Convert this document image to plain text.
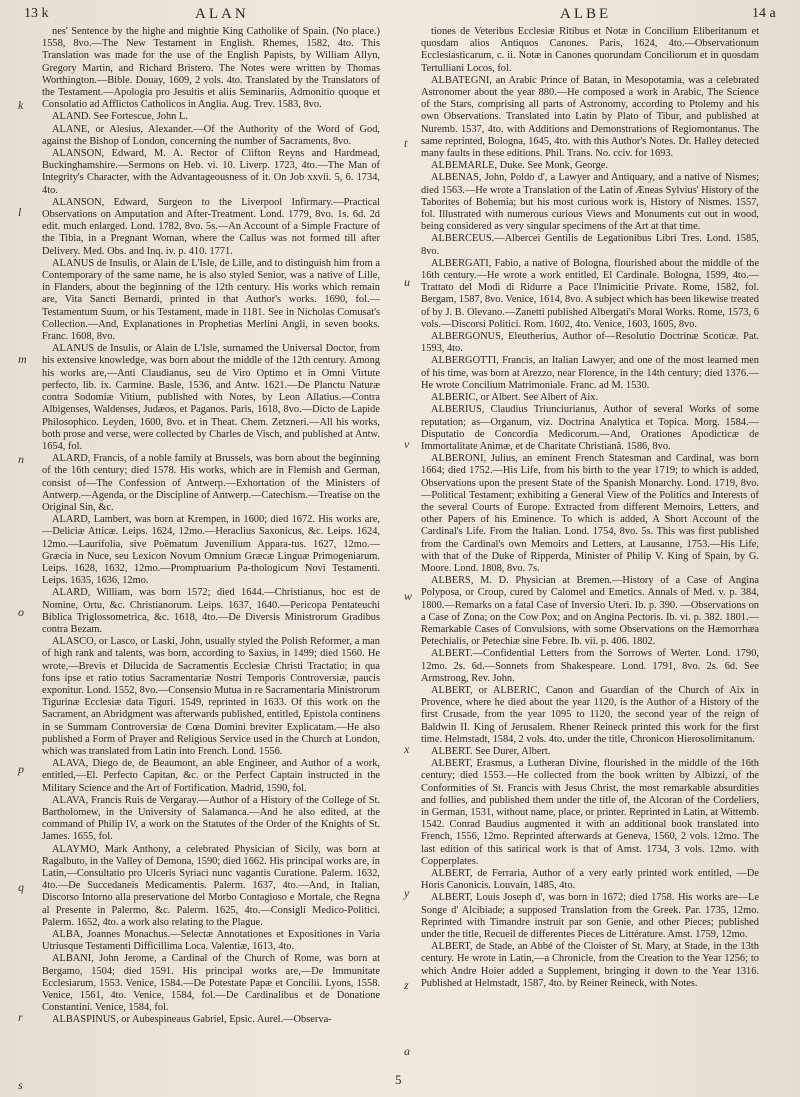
13 k	ALAN	ALBE	14 a

nes' Sentence by the highe and mightie King Catholike of Spain. (No place.) 1558, 8vo.—The New Testament in English. Rhemes, 1582, 4to. This Translation was made for the use of the English Papists, by William Allyn, Gregory Martin, and Richard Bristero. The Notes were written by Thomas Worthington.—Bible. Douay, 1609, 2 vols. 4to. Translated by the Translators of the Testament.—Apologia pro Jesuitis et aliis Seminariis, Admonitio quoque et Consolatio ad Afflictos Catholicos in Anglia. Aug. Trev. 1583, 8vo.

ALAND. See Fortescue, John L.

ALANE, or Alesius, Alexander.—Of the Authority of the Word of God, against the Bishop of London, concerning the number of Sacraments, 8vo.

ALANSON, Edward, M. A. Rector of Clifton Reyns and Hardmead, Buckinghamshire.—Sermons on Heb. vi. 10. Liverp. 1723, 4to.—The Man of Integrity's Character, with the Advantageousness of it. On Job xxvii. 5, 6. 1734, 4to.

ALANSON, Edward, Surgeon to the Liverpool Infirmary.—Practical Observations on Amputation and After-Treatment. Lond. 1779, 8vo. 1s. 6d. 2d edit. much enlarged. Lond. 1782, 8vo. 5s.—An Account of a Simple Fracture of the Tibia, in a Pregnant Woman, where the Callus was not formed till after Delivery. Med. Obs. and Inq. iv. p. 410. 1771.

ALANUS de Insulis, or Alain de L'Isle, de Lille, and to distinguish him from a Contemporary of the same name, he is also styled Senior, was a native of Lille, in Flanders, about the beginning of the 12th century. His works which remain are, Vita Sancti Bernardi, printed in that Author's works. 1690, fol.—Testamentum Suum, or his Testament, made in 1181. See in Nicholas Comusat's Collection.—And, Explanationes in Prophetias Merlini Angli, in seven books. Franc. 1608, 8vo.

ALANUS de Insulis, or Alain de L'Isle, surnamed the Universal Doctor, from his extensive knowledge, was born about the middle of the 12th century. Among his works are,—Anti Claudianus, seu de Viro Optimo et in Omni Virtute perfecto, lib. ix. Carmine. Basle, 1536, and Antw. 1621.—De Planctu Naturæ contra Sodomiæ Vitium, published with Notes, by Leon Allatius.—Contra Albigenses, Waldenses, Judæos, et Paganos. Paris, 1618, 8vo.—Dicto de Lapide Philosophico. Leyden, 1600, 8vo. et in Theat. Chem. Zetzneri.—All his works, both prose and verse, were collected by Charles de Visch, and published at Antw. 1654, fol.

ALARD, Francis, of a noble family at Brussels, was born about the beginning of the 16th century; died 1578. His works, which are in Flemish and German, consist of—The Confession of Antwerp.—Exhortation of the Ministers of Antwerp.—Agenda, or the Discipline of Antwerp.—Catechism.—Treatise on the Original Sin, &c.

ALARD, Lambert, was born at Krempen, in 1600; died 1672. His works are,—Deliciæ Atticæ. Leips. 1624, 12mo.—Heraclius Saxonicus, &c. Leips. 1624, 12mo.—Laurifolia, sive Poëmatum Juvenilium Appara-tus. 1627, 12mo.—Græcia in Nuce, seu Lexicon Novum Omnium Græcæ Linguæ Primogeniarum. Leips. 1628, 1632, 12mo.—Promptuarium Pa-thologicum Novi Testamenti. Leips. 1635, 1636, 12mo.

ALARD, William, was born 1572; died 1644.—Christianus, hoc est de Nomine, Ortu, &c. Christianorum. Leips. 1637, 1640.—Pericopa Pentateuchi Biblica Triglossometrica, &c. 1618, 4to.—De Diversis Ministrorum Gradibus contra Bezam.

ALASCO, or Lasco, or Laski, John, usually styled the Polish Reformer, a man of high rank and talents, was born, according to Saxius, in 1499; died 1560. He wrote,—Brevis et Dilucida de Sacramentis Ecclesiæ Christi Tractatio; in qua fons ipse et ratio totius Sacramentariæ Nostri Temporis Controversiæ, paucis exponitur. Lond. 1552, 8vo.—Consensio Mutua in re Sacramentaria Ministrorum Tigurinæ Ecclesiæ data Tiguri. 1549, reprinted in 1633. Of this work on the Sacrament, an Abridgment was afterwards published, entitled, Epistola continens in se Summam Controversiæ de Cœna Domini breviter Explicatam.—He also published a Form of Prayer and Religious Service used in the Church at London, which was translated from Latin into French. Lond. 1556.

ALAVA, Diego de, de Beaumont, an able Engineer, and Author of a work, entitled,—El. Perfecto Capitan, &c. or the Perfect Captain instructed in the Military Science and the Art of Fortification. Madrid, 1590, fol.

ALAVA, Francis Ruis de Vergaray.—Author of a History of the College of St. Bartholomew, in the University of Salamanca.—And he also edited, at the command of Philip IV, a work on the Statutes of the Order of the Knights of St. James. 1655, fol.

ALAYMO, Mark Anthony, a celebrated Physician of Sicily, was born at Ragalbuto, in the Valley of Demona, 1590; died 1662. His principal works are, in Latin,—Consultatio pro Ulceris Syriaci nunc vagantis Curatione. Palerm. 1632, 4to.—De Succedaneis Medicamentis. Palerm. 1637, 4to.—And, in Italian, Discorso Intorno alla preservatione del Morbo Contagioso e Mortale, che Regna al Presente in Palermo, &c. Palerm. 1625, 4to.—Consigli Medico-Politici. Palerm. 1652, 4to. a work also relating to the Plague.

ALBA, Joannes Monachus.—Selectæ Annotationes et Expositiones in Varia Utriusque Testamenti Difficillima Loca. Valentiæ, 1613, 4to.

ALBANI, John Jerome, a Cardinal of the Church of Rome, was born at Bergamo, 1504; died 1591. His principal works are,—De Immunitate Ecclesiarum, 1553. Venice, 1584.—De Potestate Papæ et Concilii. Lyons, 1558. Venice, 1561, 4to. Venice, 1584, fol.—De Cardinalibus et de Donatione Constantini. Venice, 1584, fol.

ALBASPINUS, or Aubespineaus Gabriel, Epsic. Aurel.—Observa-

tiones de Veteribus Ecclesiæ Ritibus et Notæ in Concilium Eliberitanum et quosdam alios Antiquos Canones. Paris, 1624, 4to.—Observationum Ecclesiasticarum, c. ii. Notæ in Canones quorundam Conciliorum et in quosdam Tertulliani Locos, fol.

ALBATEGNI, an Arabic Prince of Batan, in Mesopotamia, was a celebrated Astronomer about the year 880.—He composed a work in Arabic, The Science of the Stars, comprising all parts of Astronomy, according to Ptolemy and his own Observations. Translated into Latin by Plato of Tibur, and published at Nuremb. 1537, 4to. with Additions and Demonstrations of Regiomontanus. The same reprinted, Bologna, 1645, 4to. with this Author's Notes. Dr. Halley detected many faults in these editions. Phil. Trans. No. cciv. for 1693.

ALBEMARLE, Duke. See Monk, George.

ALBENAS, John, Poldo d', a Lawyer and Antiquary, and a native of Nismes; died 1563.—He wrote a Translation of the Latin of Æneas Sylvius' History of the Taborites of Bohemia; but his most curious work is, History of Nismes. 1557, fol. Illustrated with numerous curious Views and Monuments cut out in wood, being considered as very singular specimens of the Art at that time.

ALBERCEUS.—Albercei Gentilis de Legationibus Libri Tres. Lond. 1585, 8vo.

ALBERGATI, Fabio, a native of Bologna, flourished about the middle of the 16th century.—He wrote a work entitled, El Cardinale. Bologna, 1599, 4to.—Trattato del Modi di Ridurre a Pace l'Inimicitie Private. Rome, 1582, fol. Bergam, 1587, 8vo. Venice, 1614, 8vo. A subject which has been likewise treated of by J. B. Olevano.—Zanetti published Albergati's Moral Works. Rome, 1573, 6 vols.—Discorsi Politici. Rom. 1602, 4to. Venice, 1603, 1605, 8vo.

ALBERGONUS, Eleutherius, Author of—Resolutio Doctrinæ Scoticæ. Pat. 1593, 4to.

ALBERGOTTI, Francis, an Italian Lawyer, and one of the most learned men of his time, was born at Arezzo, near Florence, in the 14th century; died 1376.—He wrote Concilium Matrimoniale. Franc. ad M. 1530.

ALBERIC, or Albert. See Albert of Aix.

ALBERIUS, Claudius Triunciurianus, Author of several Works of some reputation; as—Organum, viz. Doctrina Analytica et Topica. Morg. 1584.—Disputatio de Concordia Medicorum.—And, Orationes Apodicticæ de Immortalitate Animæ, et de Charitate Christianâ. 1586, 8vo.

ALBERONI, Julius, an eminent French Statesman and Cardinal, was born 1664; died 1752.—His Life, from his birth to the year 1719; to which is added, Observations upon the present State of the Spanish Monarchy. Lond. 1719, 8vo.—Political Testament; exhibiting a General View of the Politics and Interests of the several Courts of Europe. Extracted from different Memoirs, Letters, and other Papers of his Eminence. To which is added, A Short Account of the Cardinal's Life. From the Italian. Lond. 1754, 8vo. 5s. This was first published from the Cardinal's own Memoirs and Letters, at Lausanne, 1753.—His Life, with that of the Duke of Ripperda, Minister of Philip V. King of Spain, by G. Moore. Lond. 1808, 8vo. 7s.

ALBERS, M. D. Physician at Bremen.—History of a Case of Angina Polyposa, or Croup, cured by Calomel and Emetics. Annals of Med. v. p. 384, 1800.—Remarks on a fatal Case of Inversio Uteri. Ib. p. 390. —Observations on a Case of Zona; on the Cow Pox; and on Angina Pectoris. Ib. vi. p. 382. 1801.—Remarkable Cases of Convulsions, with some Observations on the Hæmorrhæa Petechialis, or Petechiæ sine Febre. Ib. vii. p. 406. 1802.

ALBERT.—Confidential Letters from the Sorrows of Werter. Lond. 1790, 12mo. 2s. 6d.—Sonnets from Shakespeare. Lond. 1791, 8vo. 2s. 6d. See Armstrong, Rev. John.

ALBERT, or ALBERIC, Canon and Guardian of the Church of Aix in Provence, where he died about the year 1120, is the Author of a History of the first Crusade, from the year 1095 to 1120, the second year of the reign of Baldwin II. King of Jerusalem. Rhener Reineck printed this work for the first time. Helmstadt, 1584, 2 vols. 4to. under the title, Chronicon Hierosolimitanum.

ALBERT. See Durer, Albert.

ALBERT, Erasmus, a Lutheran Divine, flourished in the middle of the 16th century; died 1553.—He collected from the book written by Albizzi, of the Conformities of St. Francis with Jesus Christ, the most remarkable absurdities and follies, and published them under the title of, the Alcoran of the Cordeliers, in German, 1531, without name, place, or printer. Reprinted in Latin, at Wittemb. 1542. Conrad Baudius augmented it with an additional book translated into French, 1556, 12mo. Reprinted afterwards at Geneva, 1560, 2 vols. 12mo. The last edition of this satirical work is that of Amst. 1734, 3 vols. 12mo. with Copperplates.

ALBERT, de Ferraria, Author of a very early printed work entitled, —De Horis Canonicis. Louvain, 1485, 4to.

ALBERT, Louis Joseph d', was born in 1672; died 1758. His works are—Le Songe d' Alcibiade; a supposed Translation from the Greek. Par. 1735, 12mo. Reprinted with Timandre instruit par son Genie, and other Pieces; published under the title, Recueil de differentes Pieces de Littérature. Amst. 1759, 12mo.

ALBERT, de Stade, an Abbé of the Cloister of St. Mary, at Stade, in the 13th century. He wrote in Latin,—a Chronicle, from the Creation to the Year 1256; to which Andre Hoier added a Supplement, bringing it down to the Year 1316. Published at Helmstadt, 1587, 4to. by Reiner Reineck, with Notes.

k
l
m
n
o
p
q
r
s
t
u
v
w
x
y
z
a
5
